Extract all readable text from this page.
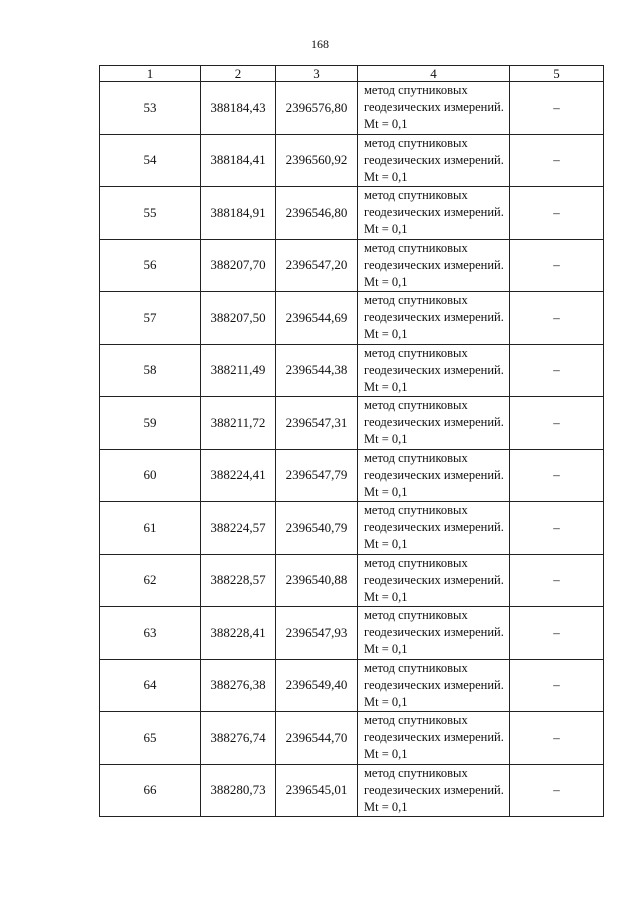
168
1	2	3	4	5
53	388184,43	2396576,80	метод спутниковых геодезических измерений. Mt = 0,1	–
54	388184,41	2396560,92	метод спутниковых геодезических измерений. Mt = 0,1	–
55	388184,91	2396546,80	метод спутниковых геодезических измерений. Mt = 0,1	–
56	388207,70	2396547,20	метод спутниковых геодезических измерений. Mt = 0,1	–
57	388207,50	2396544,69	метод спутниковых геодезических измерений. Mt = 0,1	–
58	388211,49	2396544,38	метод спутниковых геодезических измерений. Mt = 0,1	–
59	388211,72	2396547,31	метод спутниковых геодезических измерений. Mt = 0,1	–
60	388224,41	2396547,79	метод спутниковых геодезических измерений. Mt = 0,1	–
61	388224,57	2396540,79	метод спутниковых геодезических измерений. Mt = 0,1	–
62	388228,57	2396540,88	метод спутниковых геодезических измерений. Mt = 0,1	–
63	388228,41	2396547,93	метод спутниковых геодезических измерений. Mt = 0,1	–
64	388276,38	2396549,40	метод спутниковых геодезических измерений. Mt = 0,1	–
65	388276,74	2396544,70	метод спутниковых геодезических измерений. Mt = 0,1	–
66	388280,73	2396545,01	метод спутниковых геодезических измерений. Mt = 0,1	–
